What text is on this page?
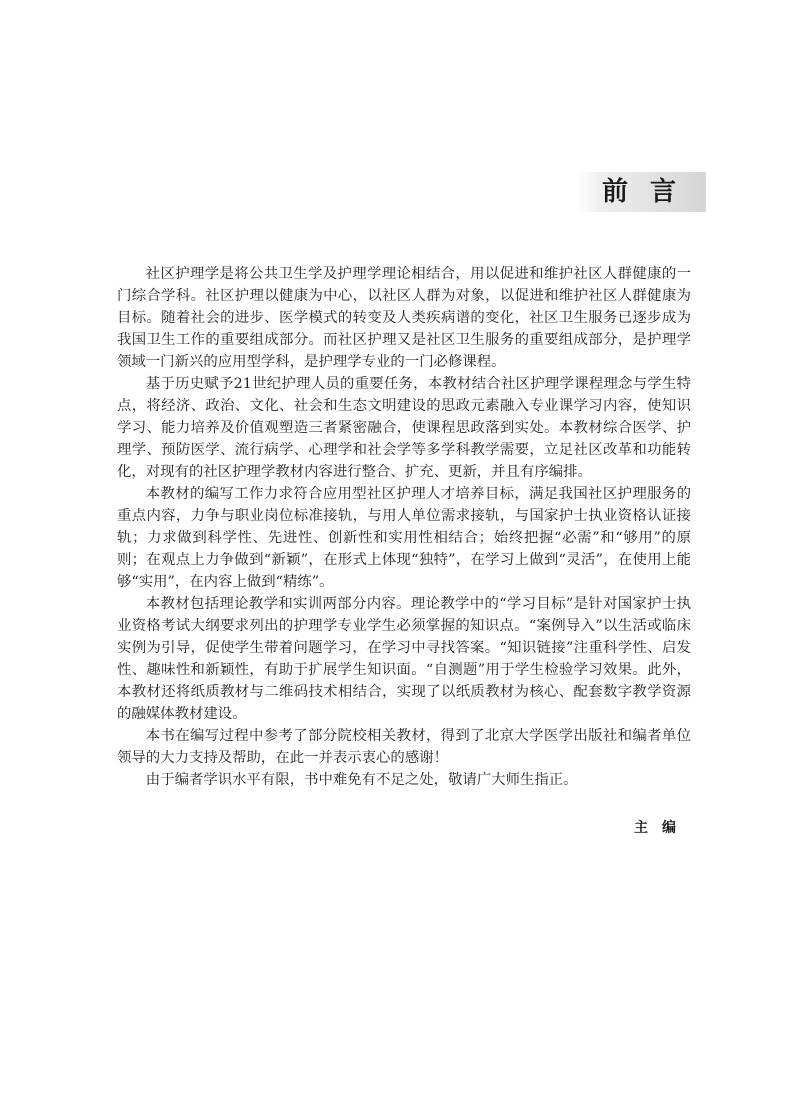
前言

社区护理学是将公共卫生学及护理学理论相结合，用以促进和维护社区人群健康的一门综合学科。社区护理以健康为中心，以社区人群为对象，以促进和维护社区人群健康为目标。随着社会的进步、医学模式的转变及人类疾病谱的变化，社区卫生服务已逐步成为我国卫生工作的重要组成部分。而社区护理又是社区卫生服务的重要组成部分，是护理学领域一门新兴的应用型学科，是护理学专业的一门必修课程。

基于历史赋予21世纪护理人员的重要任务，本教材结合社区护理学课程理念与学生特点，将经济、政治、文化、社会和生态文明建设的思政元素融入专业课学习内容，使知识学习、能力培养及价值观塑造三者紧密融合，使课程思政落到实处。本教材综合医学、护理学、预防医学、流行病学、心理学和社会学等多学科教学需要，立足社区改革和功能转化，对现有的社区护理学教材内容进行整合、扩充、更新，并且有序编排。

本教材的编写工作力求符合应用型社区护理人才培养目标，满足我国社区护理服务的重点内容，力争与职业岗位标准接轨，与用人单位需求接轨，与国家护士执业资格认证接轨；力求做到科学性、先进性、创新性和实用性相结合；始终把握“必需”和“够用”的原则；在观点上力争做到“新颖”，在形式上体现“独特”，在学习上做到“灵活”，在使用上能够“实用”，在内容上做到“精练”。

本教材包括理论教学和实训两部分内容。理论教学中的“学习目标”是针对国家护士执业资格考试大纲要求列出的护理学专业学生必须掌握的知识点。“案例导入”以生活或临床实例为引导，促使学生带着问题学习，在学习中寻找答案。“知识链接”注重科学性、启发性、趣味性和新颖性，有助于扩展学生知识面。“自测题”用于学生检验学习效果。此外，本教材还将纸质教材与二维码技术相结合，实现了以纸质教材为核心、配套数字教学资源的融媒体教材建设。

本书在编写过程中参考了部分院校相关教材，得到了北京大学医学出版社和编者单位领导的大力支持及帮助，在此一并表示衷心的感谢！

由于编者学识水平有限，书中难免有不足之处，敬请广大师生指正。

主编
